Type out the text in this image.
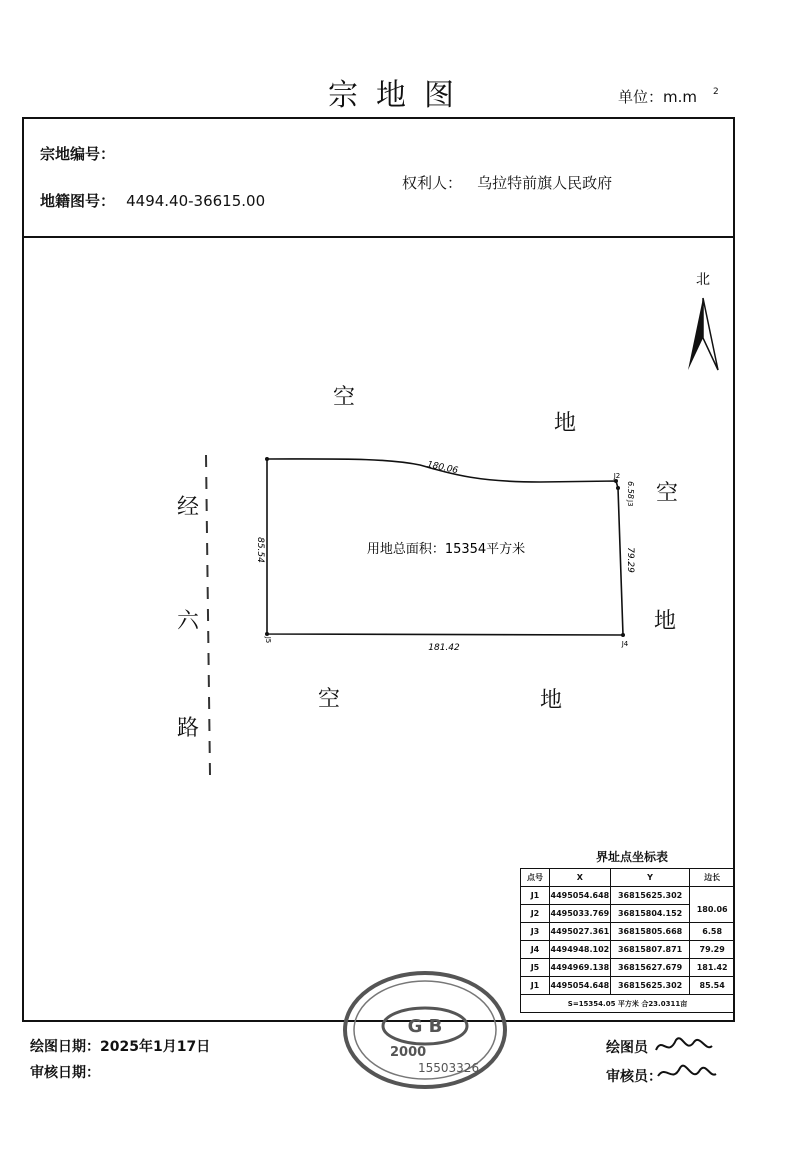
宗地图	单位：m.m $^2$
宗地编号：
地籍图号： 4494.40-36615.00
权利人： 乌拉特前旗人民政府
北
180.06
6.58
79.29
181.42
85.54
J2
J3
J4
J5
用地总面积：15354平方米
空
地
空
地
空	地
经
六
路
界址点坐标表
点号	X	Y	边长
J1	4495054.648	36815625.302	
J2	4495033.769	36815804.152	180.06
J3	4495027.361	36815805.668	6.58
J4	4494948.102	36815807.871	79.29
J5	4494969.138	36815627.679	181.42
J1	4495054.648	36815625.302	85.54
S=15354.05 平方米 合23.0311亩			
G B
2000
15503326
绘图日期：2025年1月17日
审核日期：
绘图员
审核员：
